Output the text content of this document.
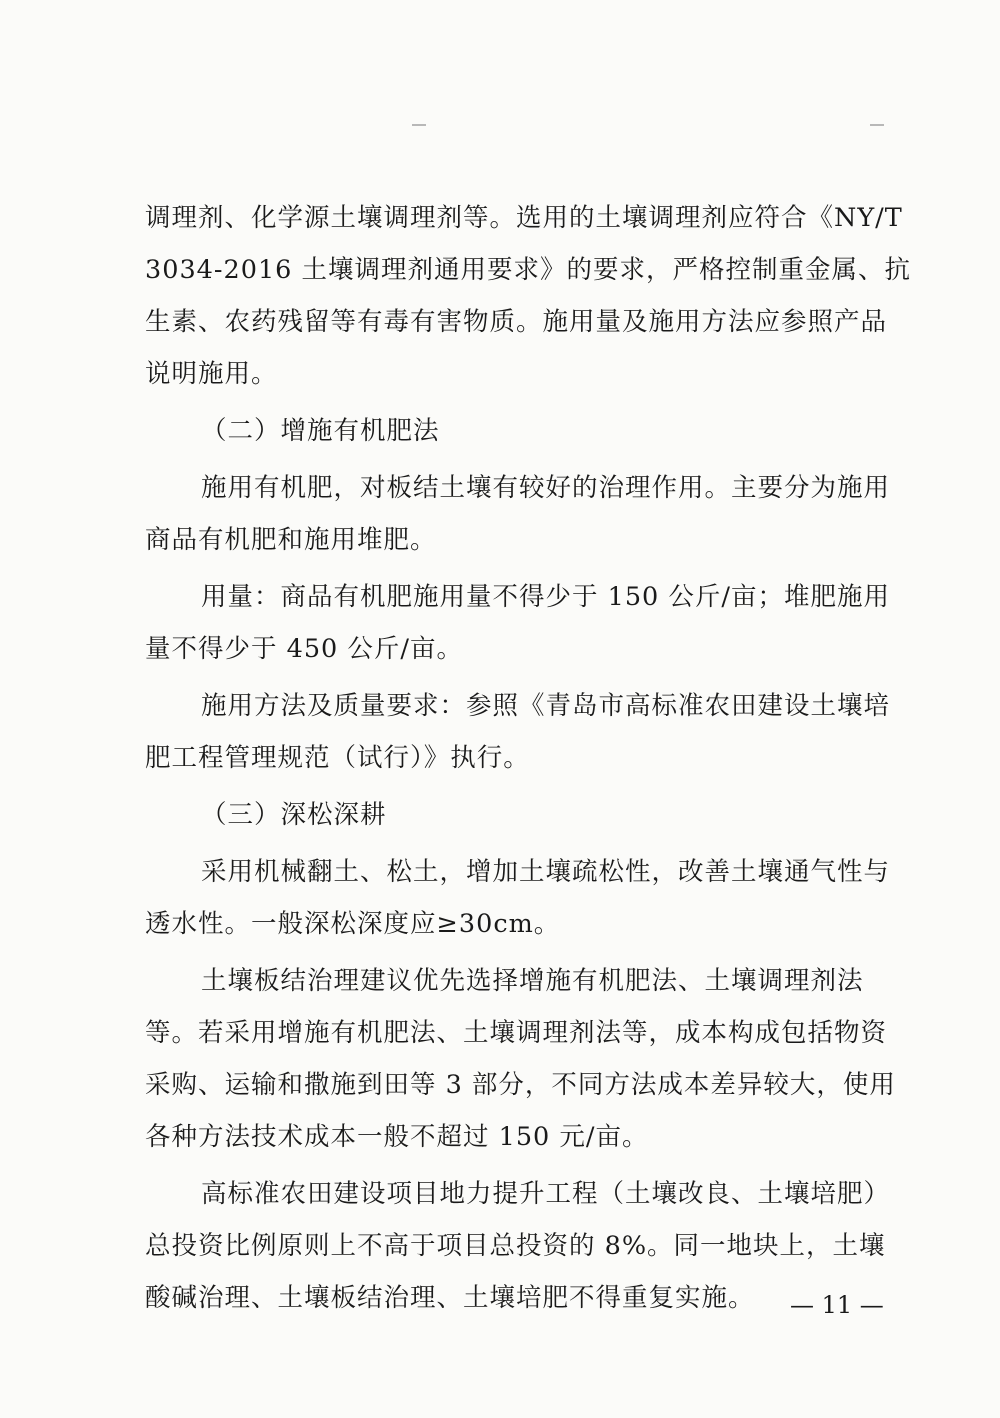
调理剂、化学源土壤调理剂等。选用的土壤调理剂应符合《NY/T
3034-2016 土壤调理剂通用要求》的要求，严格控制重金属、抗
生素、农药残留等有毒有害物质。施用量及施用方法应参照产品
说明施用。
（二）增施有机肥法
施用有机肥，对板结土壤有较好的治理作用。主要分为施用
商品有机肥和施用堆肥。
用量：商品有机肥施用量不得少于 150 公斤/亩；堆肥施用
量不得少于 450 公斤/亩。
施用方法及质量要求：参照《青岛市高标准农田建设土壤培
肥工程管理规范（试行）》执行。
（三）深松深耕
采用机械翻土、松土，增加土壤疏松性，改善土壤通气性与
透水性。一般深松深度应≥30cm。
土壤板结治理建议优先选择增施有机肥法、土壤调理剂法
等。若采用增施有机肥法、土壤调理剂法等，成本构成包括物资
采购、运输和撒施到田等 3 部分，不同方法成本差异较大，使用
各种方法技术成本一般不超过 150 元/亩。
高标准农田建设项目地力提升工程（土壤改良、土壤培肥）
总投资比例原则上不高于项目总投资的 8%。同一地块上，土壤
酸碱治理、土壤板结治理、土壤培肥不得重复实施。	— 11 —
